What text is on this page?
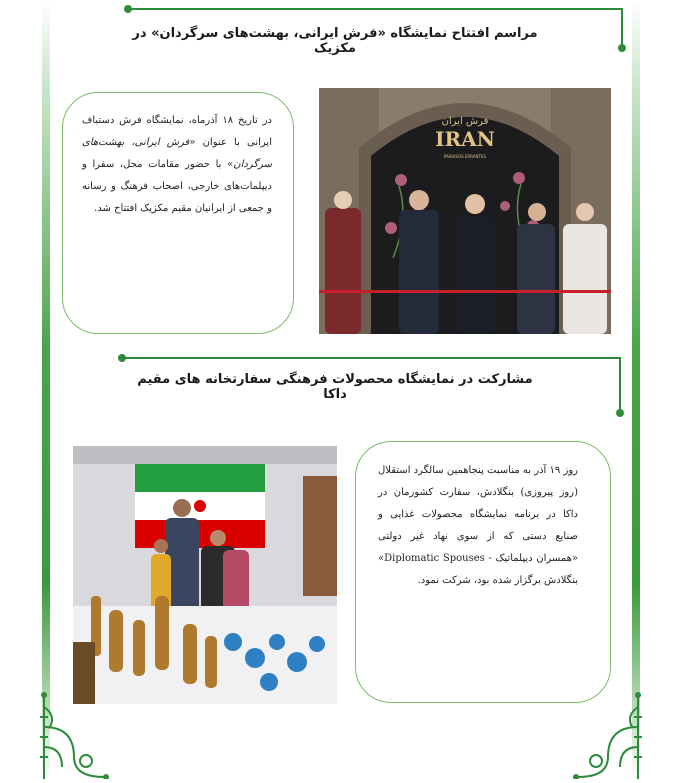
مراسم افتتاح نمایشگاه «فرش ایرانی، بهشت‌های سرگردان» در مکزیک
در تاریخ ۱۸ آذرماه، نمایشگاه فرش دستباف ایرانی با عنوان «فرش ایرانی، بهشت‌های سرگردان» با حضور مقامات محل، سفرا و دیپلمات‌های خارجی، اصحاب فرهنگ و رسانه و جمعی از ایرانیان مقیم مکزیک افتتاح شد.
فرش ایران
IRAN
PARAISOS ERRANTES
مشارکت در نمایشگاه محصولات فرهنگی سفارتخانه های مقیم داکا
روز ۱۹ آذر به مناسبت پنجاهمین سالگرد استقلال (روز پیروزی) بنگلادش، سفارت کشورمان در داکا در برنامه نمایشگاه محصولات غذایی و صنایع دستی که از سوی نهاد غیر دولتی «همسران دیپلماتیک - Diplomatic Spouses» بنگلادش برگزار شده بود، شرکت نمود.
